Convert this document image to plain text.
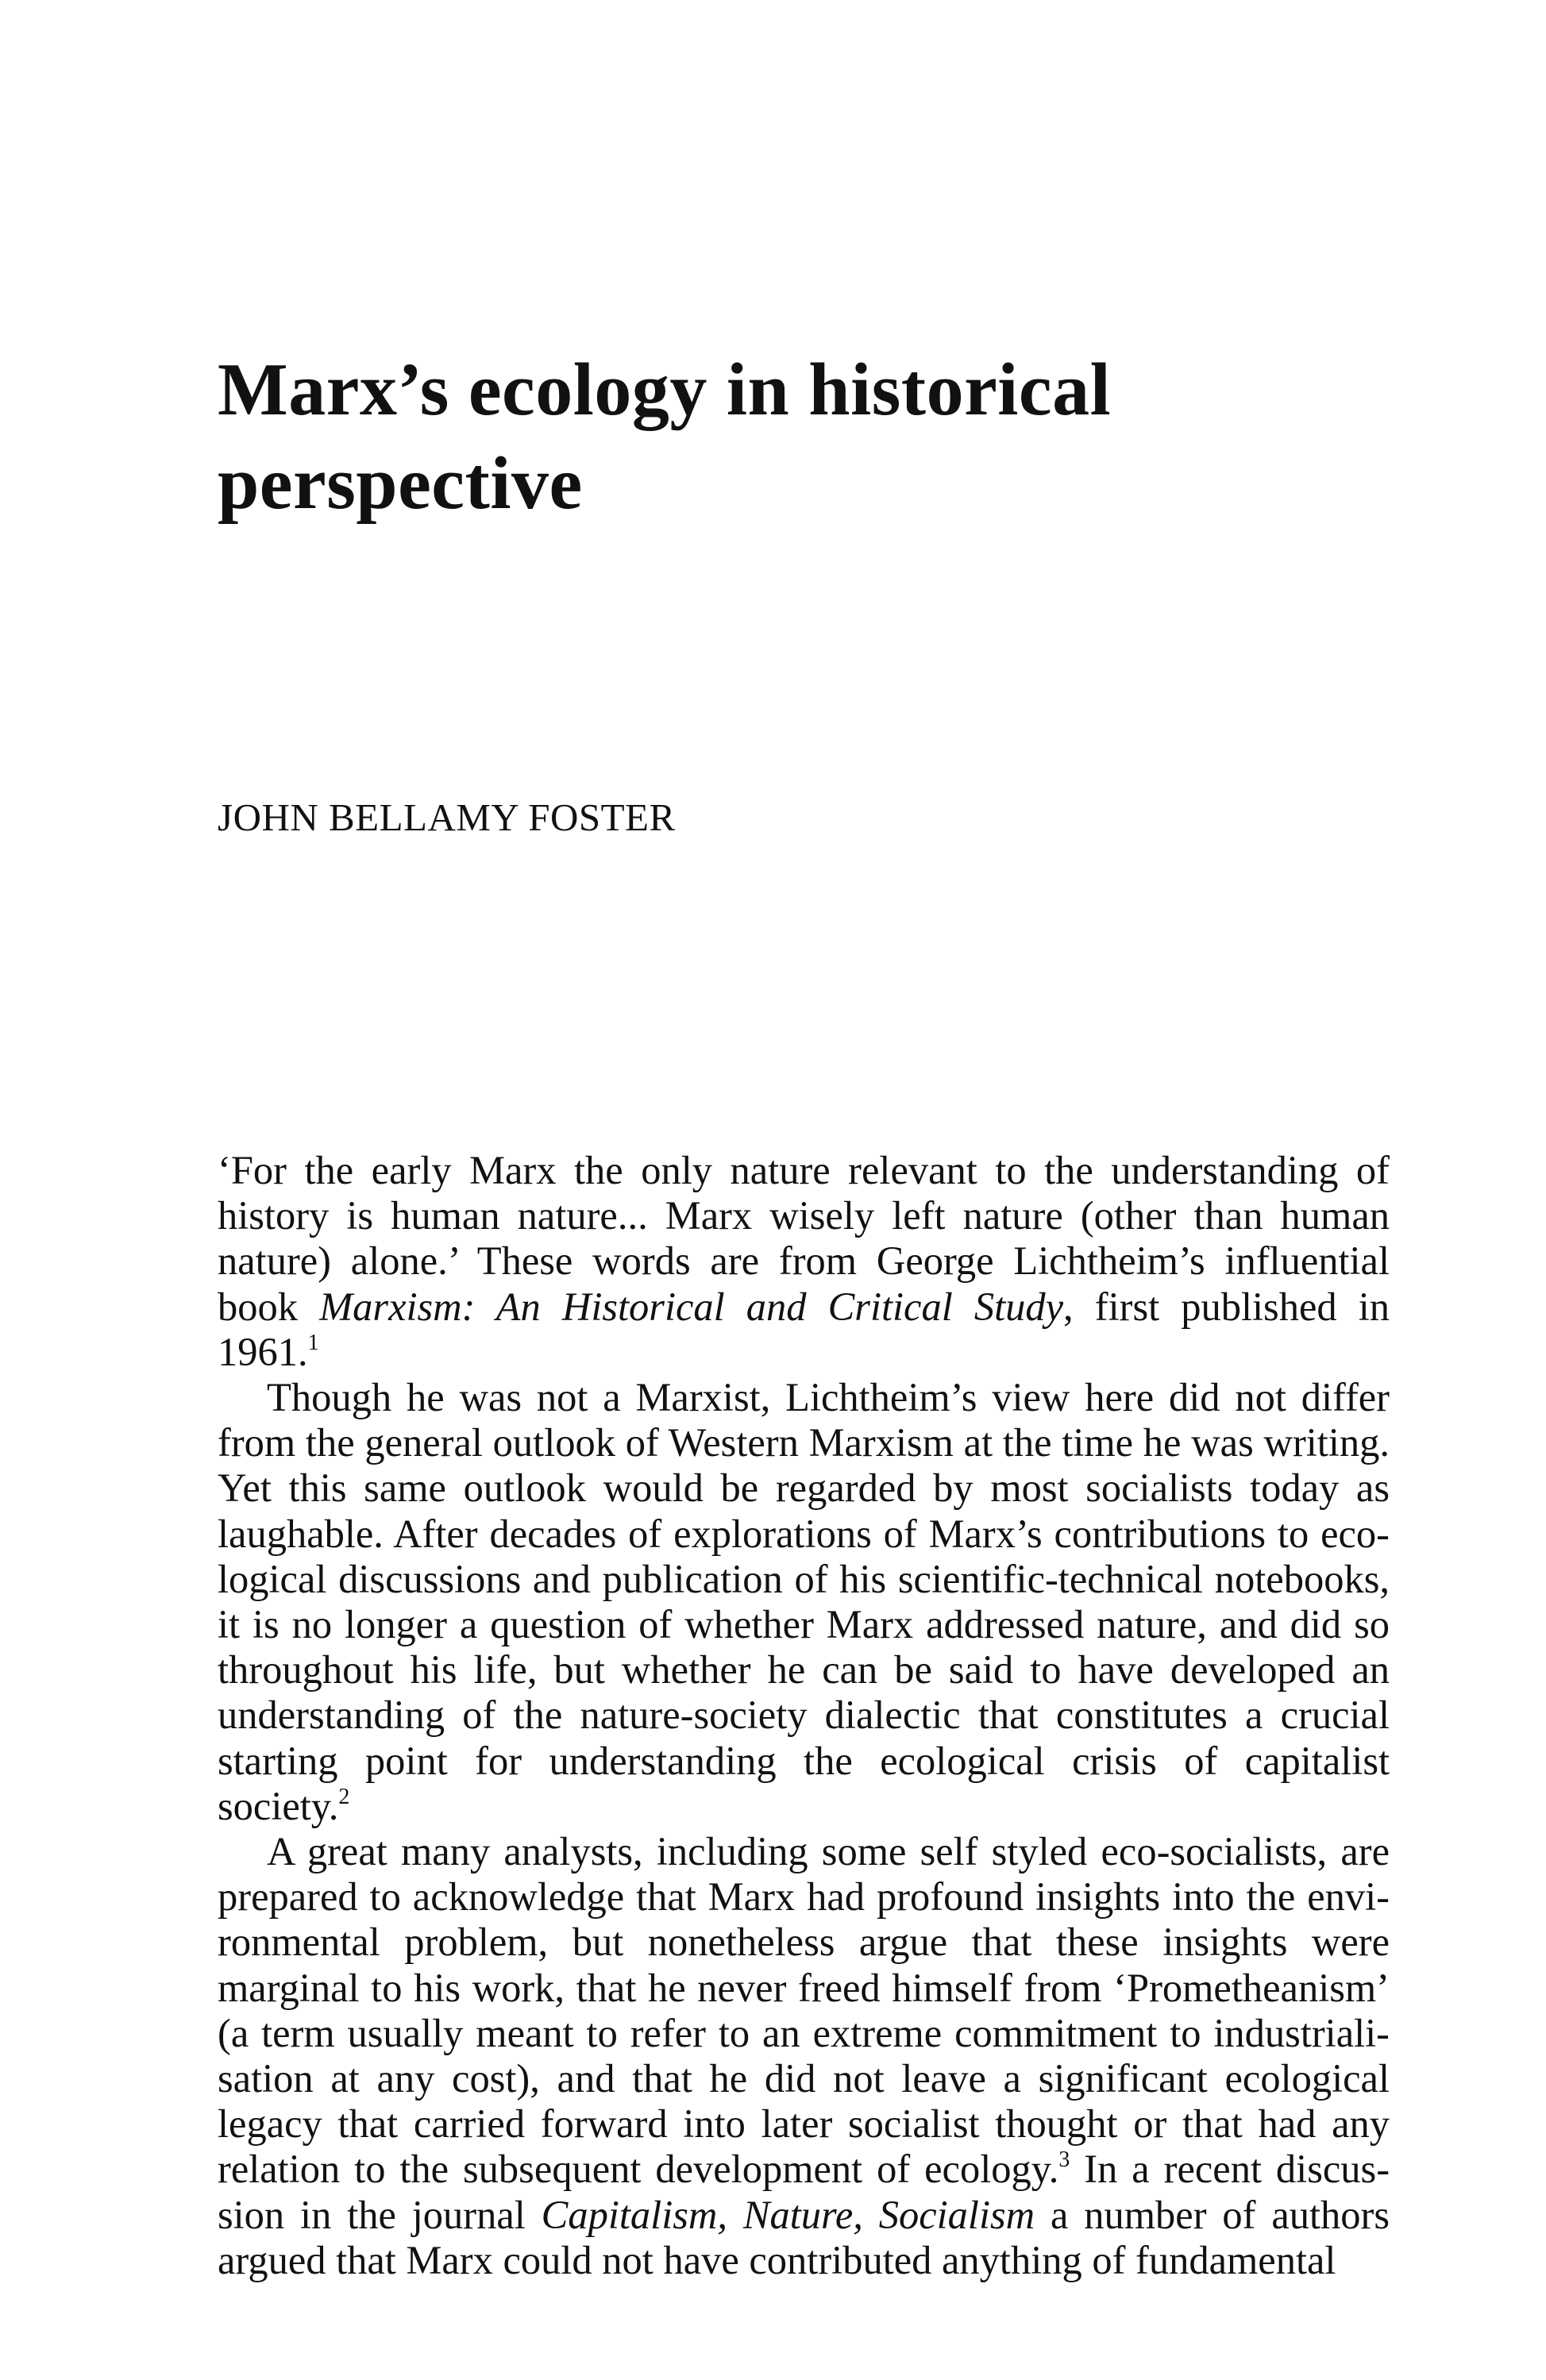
Marx’s ecology in historical perspective
JOHN BELLAMY FOSTER

‘For the early Marx the only nature relevant to the understanding of history is human nature... Marx wisely left nature (other than human nature) alone.’ These words are from George Lichtheim’s influential book Marxism: An Historical and Critical Study, first published in 1961.$^1$

Though he was not a Marxist, Lichtheim’s view here did not differ from the general outlook of Western Marxism at the time he was writing. Yet this same outlook would be regarded by most socialists today as laughable. After decades of explorations of Marx’s contributions to ecological discussions and publication of his scientific-technical notebooks, it is no longer a question of whether Marx addressed nature, and did so throughout his life, but whether he can be said to have developed an understanding of the nature-society dialectic that constitutes a crucial starting point for understanding the ecological crisis of capitalist society.$^2$

A great many analysts, including some self styled eco-socialists, are prepared to acknowledge that Marx had profound insights into the environmental problem, but nonetheless argue that these insights were marginal to his work, that he never freed himself from ‘Prometheanism’ (a term usually meant to refer to an extreme commitment to industrialisation at any cost), and that he did not leave a significant ecological legacy that carried forward into later socialist thought or that had any relation to the subsequent development of ecology.$^3$ In a recent discussion in the journal Capitalism, Nature, Socialism a number of authors argued that Marx could not have contributed anything of fundamental
